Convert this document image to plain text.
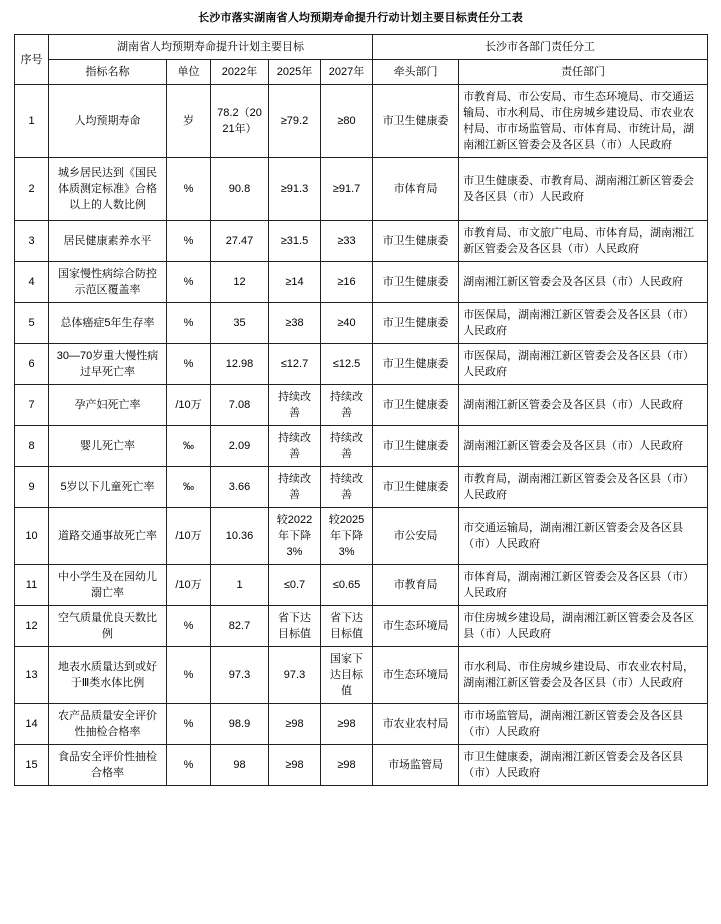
长沙市落实湖南省人均预期寿命提升行动计划主要目标责任分工表
序号	湖南省人均预期寿命提升计划主要目标					长沙市各部门责任分工	
	指标名称	单位	2022年	2025年	2027年	牵头部门	责任部门
1	人均预期寿命	岁	78.2（2021年）	≥79.2	≥80	市卫生健康委	市教育局、市公安局、市生态环境局、市交通运输局、市水利局、市住房城乡建设局、市农业农村局、市市场监管局、市体育局、市统计局，湖南湘江新区管委会及各区县（市）人民政府
2	城乡居民达到《国民体质测定标准》合格以上的人数比例	%	90.8	≥91.3	≥91.7	市体育局	市卫生健康委、市教育局、湖南湘江新区管委会及各区县（市）人民政府
3	居民健康素养水平	%	27.47	≥31.5	≥33	市卫生健康委	市教育局、市文旅广电局、市体育局，湖南湘江新区管委会及各区县（市）人民政府
4	国家慢性病综合防控示范区覆盖率	%	12	≥14	≥16	市卫生健康委	湖南湘江新区管委会及各区县（市）人民政府
5	总体癌症5年生存率	%	35	≥38	≥40	市卫生健康委	市医保局，湖南湘江新区管委会及各区县（市）人民政府
6	30—70岁重大慢性病过早死亡率	%	12.98	≤12.7	≤12.5	市卫生健康委	市医保局，湖南湘江新区管委会及各区县（市）人民政府
7	孕产妇死亡率	/10万	7.08	持续改善	持续改善	市卫生健康委	湖南湘江新区管委会及各区县（市）人民政府
8	婴儿死亡率	‰	2.09	持续改善	持续改善	市卫生健康委	湖南湘江新区管委会及各区县（市）人民政府
9	5岁以下儿童死亡率	‰	3.66	持续改善	持续改善	市卫生健康委	市教育局，湖南湘江新区管委会及各区县（市）人民政府
10	道路交通事故死亡率	/10万	10.36	较2022年下降3%	较2025年下降3%	市公安局	市交通运输局，湖南湘江新区管委会及各区县（市）人民政府
11	中小学生及在园幼儿溺亡率	/10万	1	≤0.7	≤0.65	市教育局	市体育局，湖南湘江新区管委会及各区县（市）人民政府
12	空气质量优良天数比例	%	82.7	省下达目标值	省下达目标值	市生态环境局	市住房城乡建设局，湖南湘江新区管委会及各区县（市）人民政府
13	地表水质量达到或好于Ⅲ类水体比例	%	97.3	97.3	国家下达目标值	市生态环境局	市水利局、市住房城乡建设局、市农业农村局，湖南湘江新区管委会及各区县（市）人民政府
14	农产品质量安全评价性抽检合格率	%	98.9	≥98	≥98	市农业农村局	市市场监管局，湖南湘江新区管委会及各区县（市）人民政府
15	食品安全评价性抽检合格率	%	98	≥98	≥98	市场监管局	市卫生健康委，湖南湘江新区管委会及各区县（市）人民政府
